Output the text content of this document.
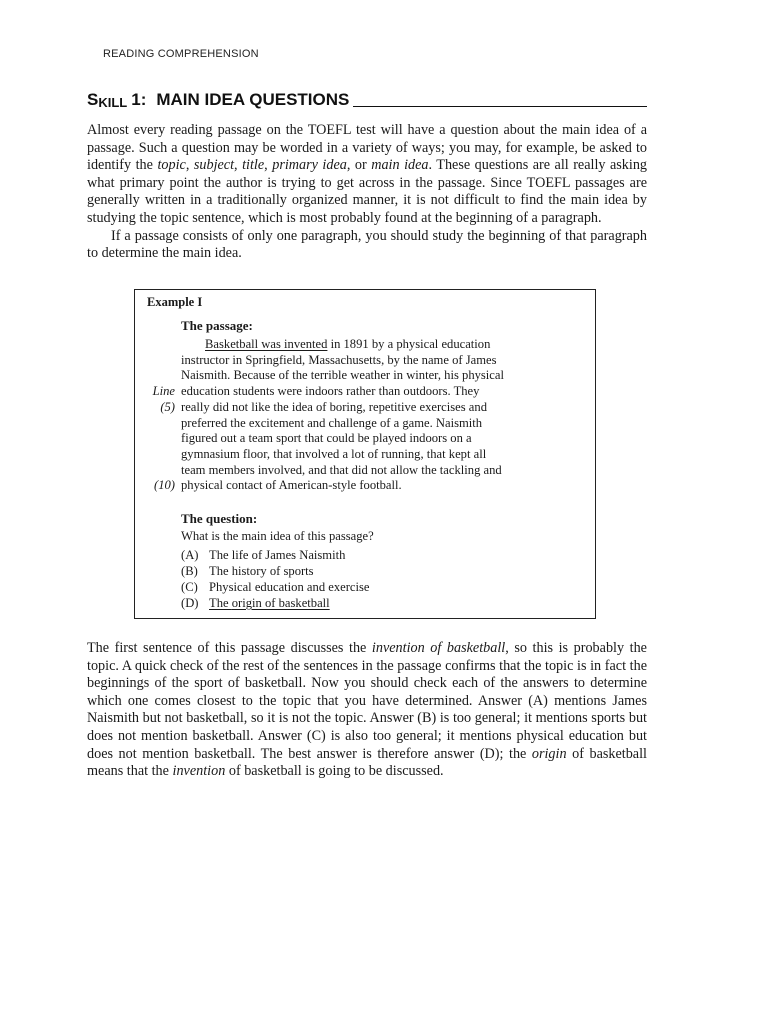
READING COMPREHENSION
S KILL 1: MAIN IDEA QUESTIONS

Almost every reading passage on the TOEFL test will have a question about the main idea of a passage. Such a question may be worded in a variety of ways; you may, for example, be asked to identify the topic, subject, title, primary idea, or main idea. These questions are all really asking what primary point the author is trying to get across in the passage. Since TOEFL passages are generally written in a traditionally organized manner, it is not difficult to find the main idea by studying the topic sentence, which is most probably found at the beginning of a paragraph.

If a passage consists of only one paragraph, you should study the beginning of that paragraph to determine the main idea.

Example I
The passage:
Line
(5)
(10)
Basketball was invented in 1891 by a physical education
instructor in Springfield, Massachusetts, by the name of James
Naismith. Because of the terrible weather in winter, his physical
education students were indoors rather than outdoors. They
really did not like the idea of boring, repetitive exercises and
preferred the excitement and challenge of a game. Naismith
figured out a team sport that could be played indoors on a
gymnasium floor, that involved a lot of running, that kept all
team members involved, and that did not allow the tackling and
physical contact of American-style football.
The question:
What is the main idea of this passage?
(A) The life of James Naismith
(B) The history of sports
(C) Physical education and exercise
(D) The origin of basketball

The first sentence of this passage discusses the invention of basketball, so this is probably the topic. A quick check of the rest of the sentences in the passage confirms that the topic is in fact the beginnings of the sport of basketball. Now you should check each of the answers to determine which one comes closest to the topic that you have determined. Answer (A) mentions James Naismith but not basketball, so it is not the topic. Answer (B) is too general; it mentions sports but does not mention basketball. Answer (C) is also too general; it mentions physical education but does not mention basketball. The best answer is therefore answer (D); the origin of basketball means that the invention of basketball is going to be discussed.
